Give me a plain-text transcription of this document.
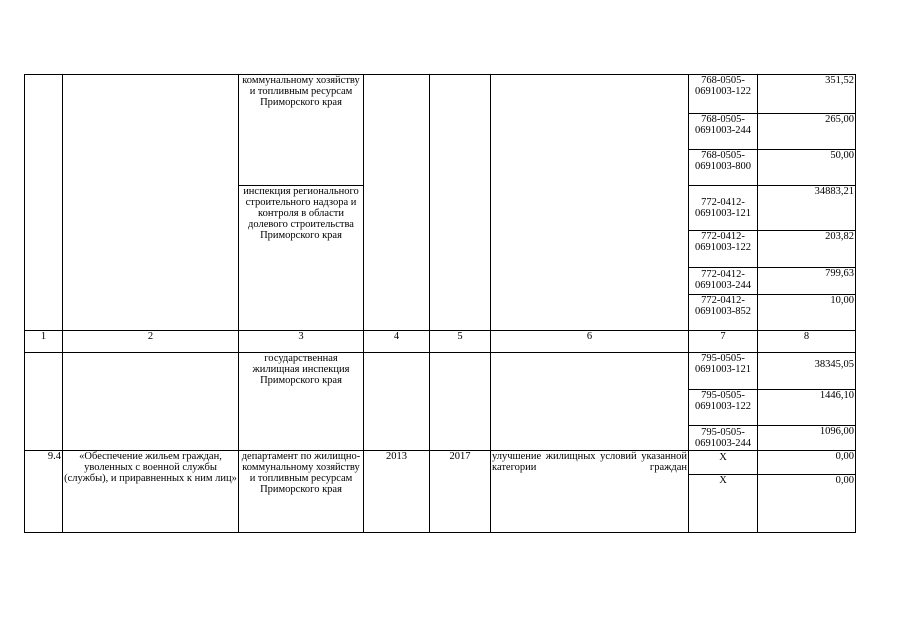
		коммунальному хозяйству и топливным ресурсам Приморского края				768-0505-0691003-122	351,52
						768-0505-0691003-244	265,00
						768-0505-0691003-800	50,00
		инспекция регионального строительного надзора и контроля в области долевого строительства Приморского края				772-0412-0691003-121	34883,21
						772-0412-0691003-122	203,82
						772-0412-0691003-244	799,63
						772-0412-0691003-852	10,00
1	2	3	4	5	6	7	8
		государственная жилищная инспекция Приморского края				795-0505-0691003-121	38345,05
						795-0505-0691003-122	1446,10
						795-0505-0691003-244	1096,00
9.4	«Обеспечение жильем граждан, уволенных с военной службы (службы), и приравненных к ним лиц»	департамент по жилищно-коммунальному хозяйству и топливным ресурсам Приморского края	2013	2017	улучшение жилищных условий указанной категории граждан	Х	0,00
						Х	0,00
